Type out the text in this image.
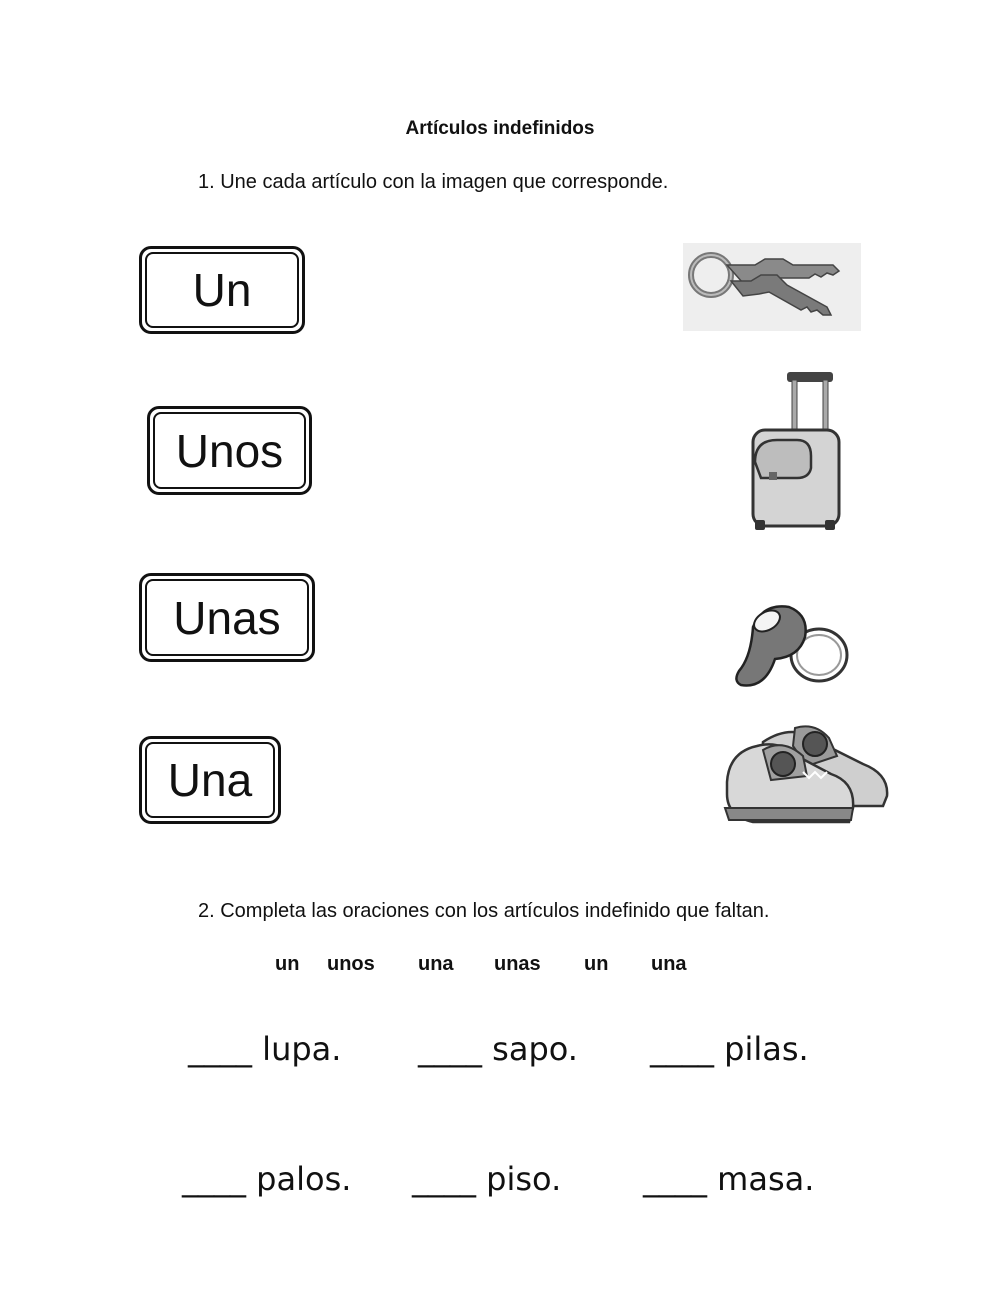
Artículos indefinidos
1. Une cada artículo con la imagen que corresponde.
Un
Unos
Unas
Una
2. Completa las oraciones con los artículos indefinido que faltan.
un unos una unas un una
____ lupa. ____ sapo. ____ pilas.
____ palos. ____ piso.	____ masa.
